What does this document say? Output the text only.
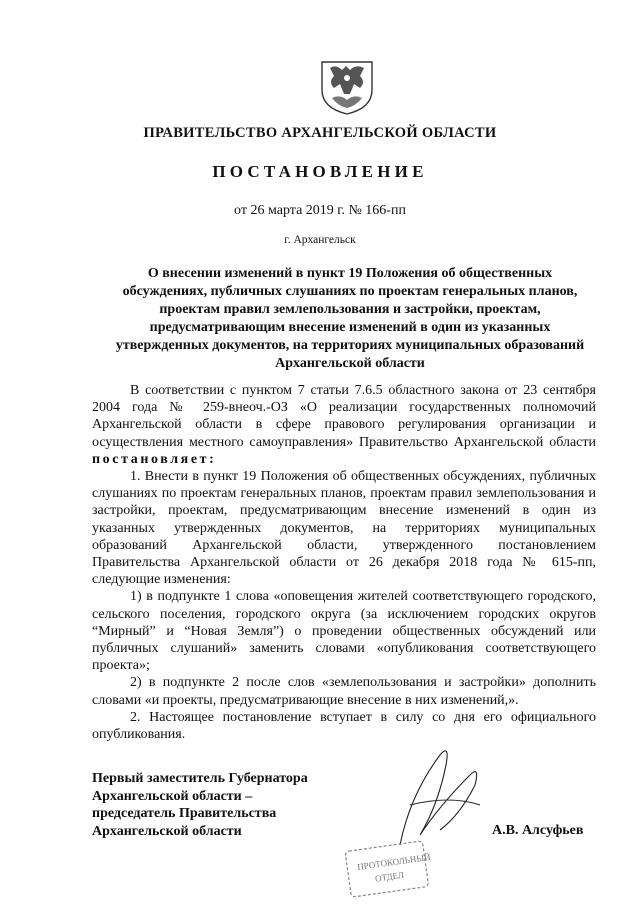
ПРАВИТЕЛЬСТВО АРХАНГЕЛЬСКОЙ ОБЛАСТИ
ПОСТАНОВЛЕНИЕ
от 26 марта 2019 г. № 166-пп
г. Архангельск
О внесении изменений в пункт 19 Положения об общественных обсуждениях, публичных слушаниях по проектам генеральных планов, проектам правил землепользования и застройки, проектам, предусматривающим внесение изменений в один из указанных утвержденных документов, на территориях муниципальных образований Архангельской области

В соответствии с пунктом 7 статьи 7.6.5 областного закона от 23 сентября 2004 года № 259-внеоч.-ОЗ «О реализации государственных полномочий Архангельской области в сфере правового регулирования организации и осуществления местного самоуправления» Правительство Архангельской области постановляет:

1. Внести в пункт 19 Положения об общественных обсуждениях, публичных слушаниях по проектам генеральных планов, проектам правил землепользования и застройки, проектам, предусматривающим внесение изменений в один из указанных утвержденных документов, на территориях муниципальных образований Архангельской области, утвержденного постановлением Правительства Архангельской области от 26 декабря 2018 года № 615-пп, следующие изменения:

1) в подпункте 1 слова «оповещения жителей соответствующего городского, сельского поселения, городского округа (за исключением городских округов “Мирный” и “Новая Земля”) о проведении общественных обсуждений или публичных слушаний» заменить словами «опубликования соответствующего проекта»;

2) в подпункте 2 после слов «землепользования и застройки» дополнить словами «и проекты, предусматривающие внесение в них изменений,».

2. Настоящее постановление вступает в силу со дня его официального опубликования.

Первый заместитель Губернатора
Архангельской области –
председатель Правительства
Архангельской области	А.В. Алсуфьев
ПРОТОКОЛЬНЫЙ
ОТДЕЛ
